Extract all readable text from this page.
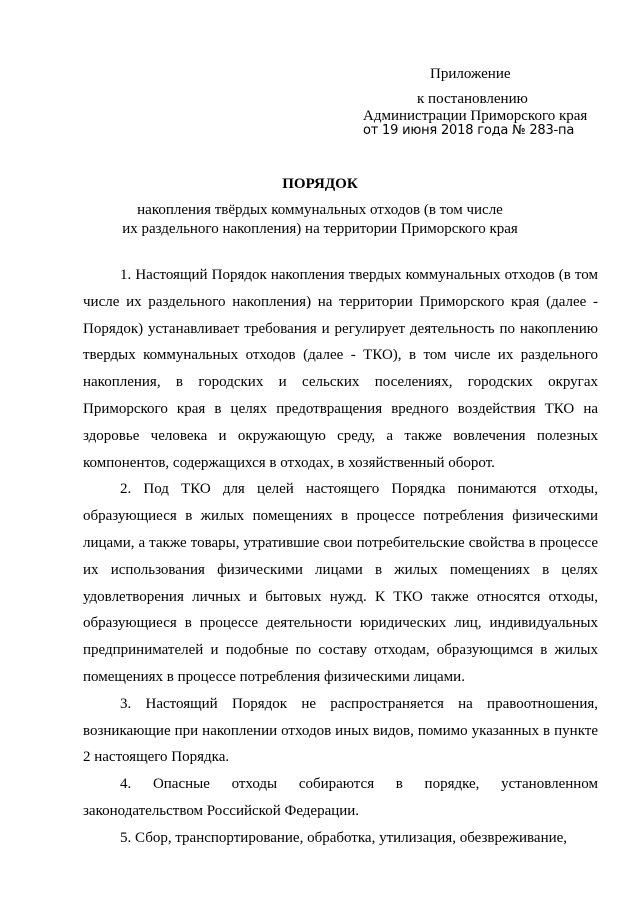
Приложение
к постановлению
Администрации Приморского края
от 19 июня 2018 года № 283-па
ПОРЯДОК
накопления твёрдых коммунальных отходов (в том числе
их раздельного накопления) на территории Приморского края

1. Настоящий Порядок накопления твердых коммунальных отходов (в том числе их раздельного накопления) на территории Приморского края (далее - Порядок) устанавливает требования и регулирует деятельность по накоплению твердых коммунальных отходов (далее - ТКО), в том числе их раздельного накопления, в городских и сельских поселениях, городских округах Приморского края в целях предотвращения вредного воздействия ТКО на здоровье человека и окружающую среду, а также вовлечения полезных компонентов, содержащихся в отходах, в хозяйственный оборот.

2. Под ТКО для целей настоящего Порядка понимаются отходы, образующиеся в жилых помещениях в процессе потребления физическими лицами, а также товары, утратившие свои потребительские свойства в процессе их использования физическими лицами в жилых помещениях в целях удовлетворения личных и бытовых нужд. К ТКО также относятся отходы, образующиеся в процессе деятельности юридических лиц, индивидуальных предпринимателей и подобные по составу отходам, образующимся в жилых помещениях в процессе потребления физическими лицами.

3. Настоящий Порядок не распространяется на правоотношения, возникающие при накоплении отходов иных видов, помимо указанных в пункте 2 настоящего Порядка.

4. Опасные отходы собираются в порядке, установленном законодательством Российской Федерации.

5. Сбор, транспортирование, обработка, утилизация, обезвреживание,
